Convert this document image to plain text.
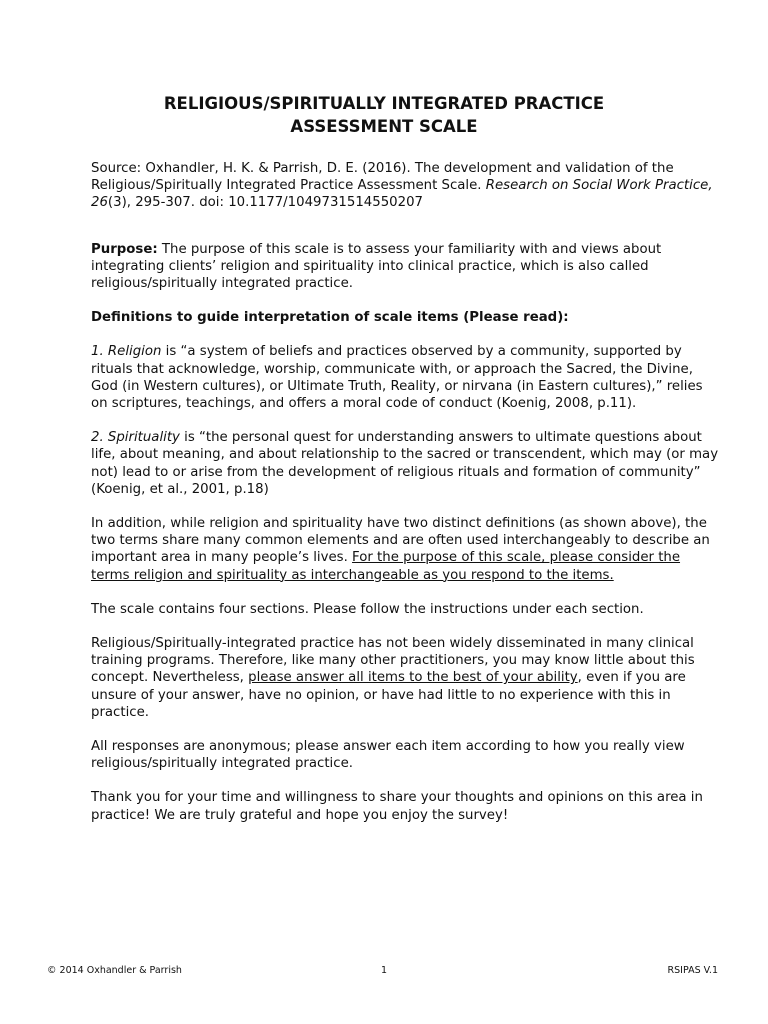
RELIGIOUS/SPIRITUALLY INTEGRATED PRACTICE
ASSESSMENT SCALE

Source: Oxhandler, H. K. & Parrish, D. E. (2016). The development and validation of the Religious/Spiritually Integrated Practice Assessment Scale. Research on Social Work Practice, 26(3), 295-307. doi: 10.1177/1049731514550207

Purpose: The purpose of this scale is to assess your familiarity with and views about integrating clients’ religion and spirituality into clinical practice, which is also called religious/spiritually integrated practice.

Definitions to guide interpretation of scale items (Please read):

1. Religion is “a system of beliefs and practices observed by a community, supported by rituals that acknowledge, worship, communicate with, or approach the Sacred, the Divine, God (in Western cultures), or Ultimate Truth, Reality, or nirvana (in Eastern cultures),” relies on scriptures, teachings, and offers a moral code of conduct (Koenig, 2008, p.11).

2. Spirituality is “the personal quest for understanding answers to ultimate questions about life, about meaning, and about relationship to the sacred or transcendent, which may (or may not) lead to or arise from the development of religious rituals and formation of community” (Koenig, et al., 2001, p.18)

In addition, while religion and spirituality have two distinct definitions (as shown above), the two terms share many common elements and are often used interchangeably to describe an important area in many people’s lives. For the purpose of this scale, please consider the terms religion and spirituality as interchangeable as you respond to the items.

The scale contains four sections. Please follow the instructions under each section.

Religious/Spiritually-integrated practice has not been widely disseminated in many clinical training programs. Therefore, like many other practitioners, you may know little about this concept. Nevertheless, please answer all items to the best of your ability, even if you are unsure of your answer, have no opinion, or have had little to no experience with this in practice.

All responses are anonymous; please answer each item according to how you really view religious/spiritually integrated practice.

Thank you for your time and willingness to share your thoughts and opinions on this area in practice! We are truly grateful and hope you enjoy the survey!

© 2014 Oxhandler & Parrish	1	RSIPAS V.1
